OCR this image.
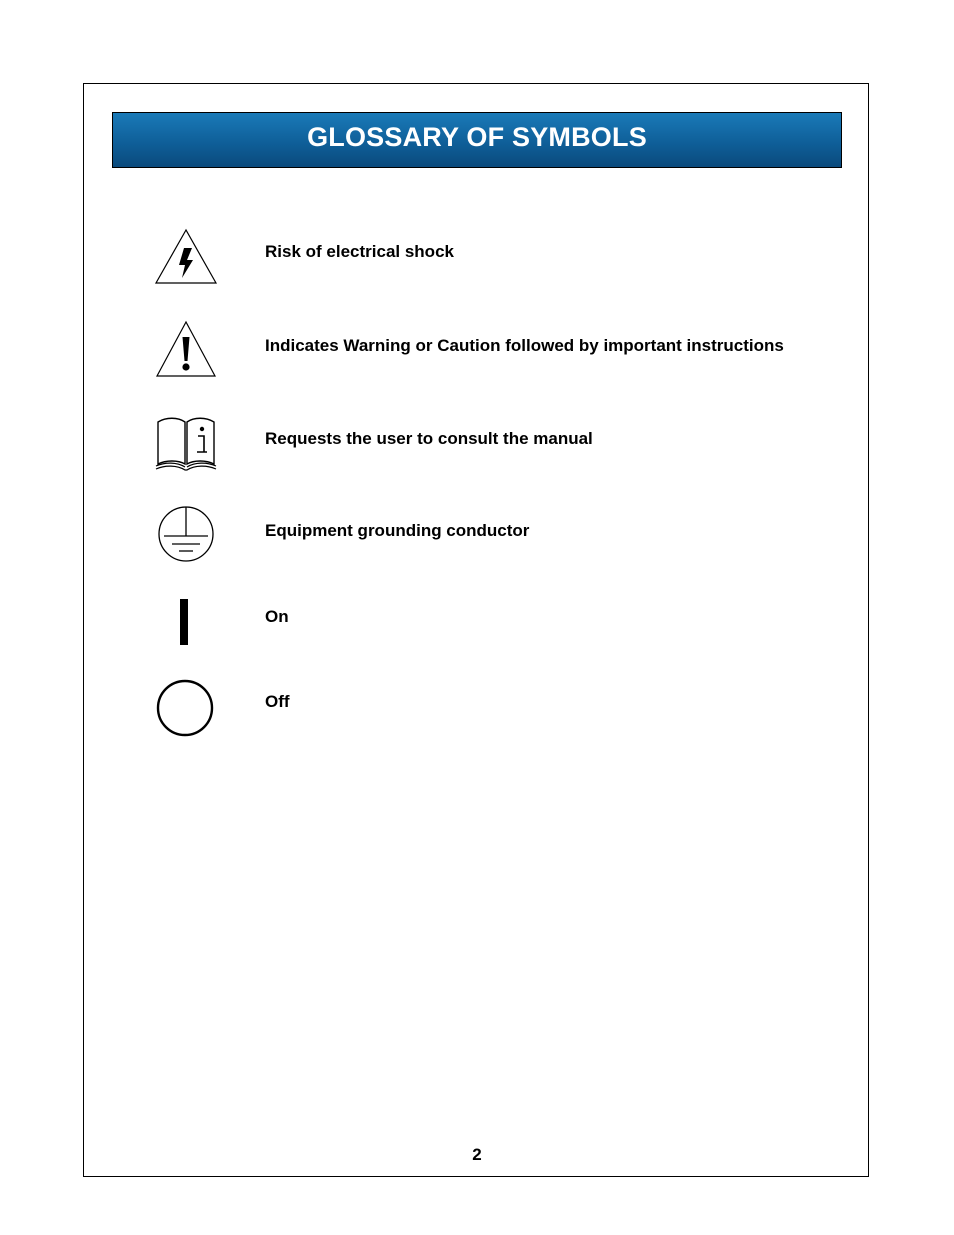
GLOSSARY OF SYMBOLS
Risk of electrical shock
Indicates Warning or Caution followed by important instructions
Requests the user to consult the manual
Equipment grounding conductor
On
Off
2
